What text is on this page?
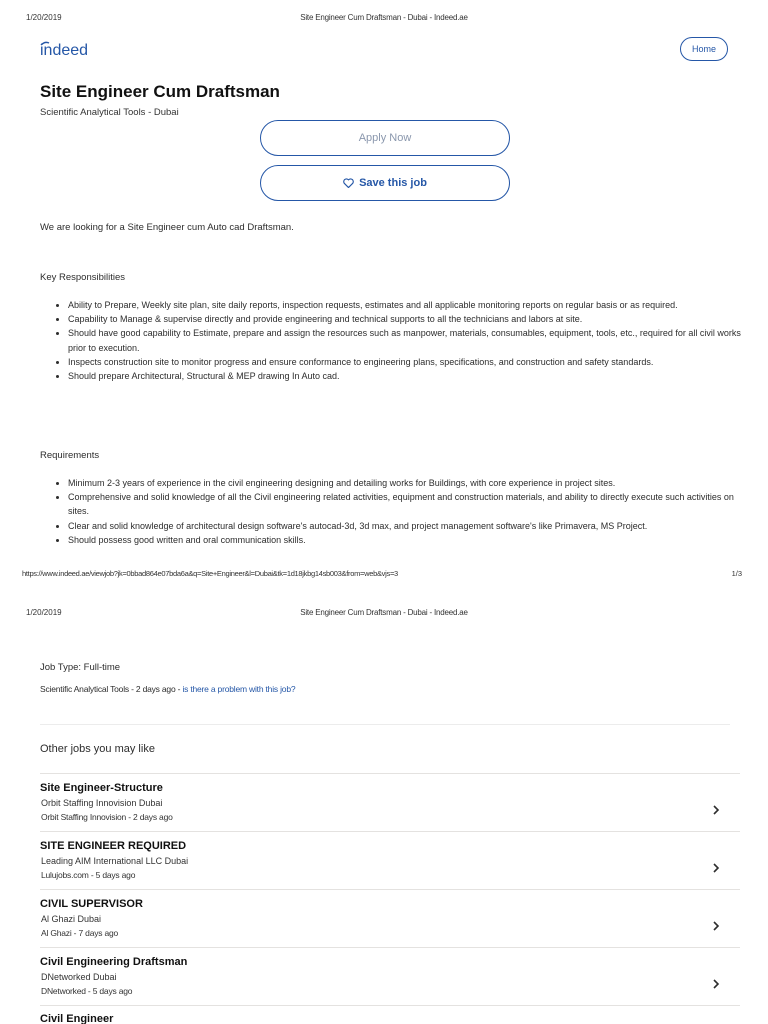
1/20/2019	Site Engineer Cum Draftsman - Dubai - Indeed.ae
indeed	Home
Site Engineer Cum Draftsman
Scientific Analytical Tools - Dubai
Apply Now
Save this job
We are looking for a Site Engineer cum Auto cad Draftsman.
Key Responsibilities
• Ability to Prepare, Weekly site plan, site daily reports, inspection requests, estimates and all applicable monitoring reports on regular basis or as required.
• Capability to Manage & supervise directly and provide engineering and technical supports to all the technicians and labors at site.
• Should have good capability to Estimate, prepare and assign the resources such as manpower, materials, consumables, equipment, tools, etc., required for all civil works prior to execution.
• Inspects construction site to monitor progress and ensure conformance to engineering plans, specifications, and construction and safety standards.
• Should prepare Architectural, Structural & MEP drawing In Auto cad.
Requirements
• Minimum 2-3 years of experience in the civil engineering designing and detailing works for Buildings, with core experience in project sites.
• Comprehensive and solid knowledge of all the Civil engineering related activities, equipment and construction materials, and ability to directly execute such activities on sites.
• Clear and solid knowledge of architectural design software's autocad-3d, 3d max, and project management software's like Primavera, MS Project.
• Should possess good written and oral communication skills.
https://www.indeed.ae/viewjob?jk=0bbad864e07bda6a&q=Site+Engineer&l=Dubai&tk=1d18jkbg14sb003&from=web&vjs=3	1/3
1/20/2019	Site Engineer Cum Draftsman - Dubai - Indeed.ae
Job Type: Full-time
Scientific Analytical Tools - 2 days ago - is there a problem with this job?
Other jobs you may like
Site Engineer-Structure
Orbit Staffing Innovision Dubai
Orbit Staffing Innovision - 2 days ago
SITE ENGINEER REQUIRED
Leading AIM International LLC Dubai
Lulujobs.com - 5 days ago
CIVIL SUPERVISOR
Al Ghazi Dubai
Al Ghazi - 7 days ago
Civil Engineering Draftsman
DNetworked Dubai
DNetworked - 5 days ago
Civil Engineer
